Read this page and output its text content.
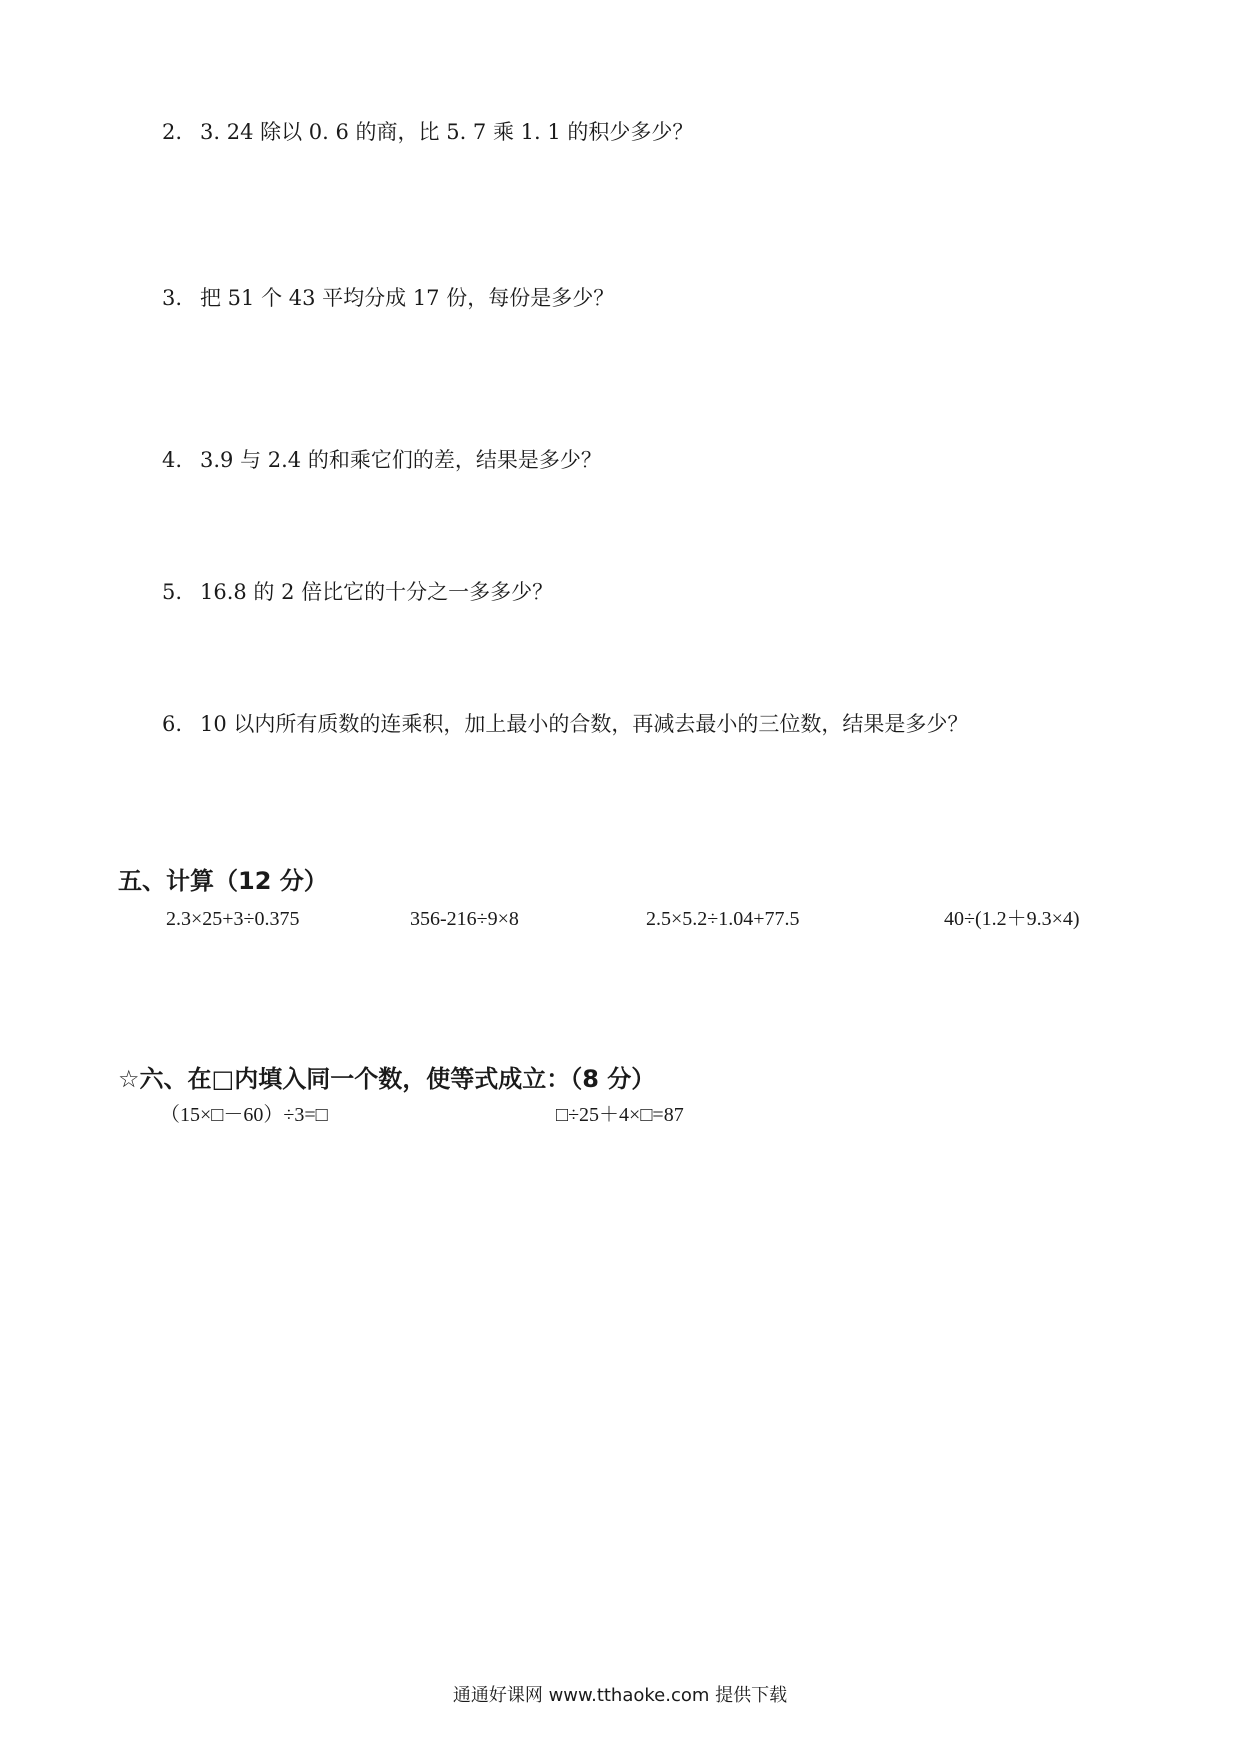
2. 3. 24 除以 0. 6 的商，比 5. 7 乘 1. 1 的积少多少？
3. 把 51 个 43 平均分成 17 份，每份是多少？
4. 3.9 与 2.4 的和乘它们的差，结果是多少？
5. 16.8 的 2 倍比它的十分之一多多少？
6. 10 以内所有质数的连乘积，加上最小的合数，再减去最小的三位数，结果是多少？
五、计算（12 分）
2.3×25+3÷0.375	356-216÷9×8	2.5×5.2÷1.04+77.5	40÷(1.2＋9.3×4)
☆六、在□内填入同一个数，使等式成立：（8 分）
（15×□－60）÷3=□	□÷25＋4×□=87
通通好课网 www.tthaoke.com 提供下载
